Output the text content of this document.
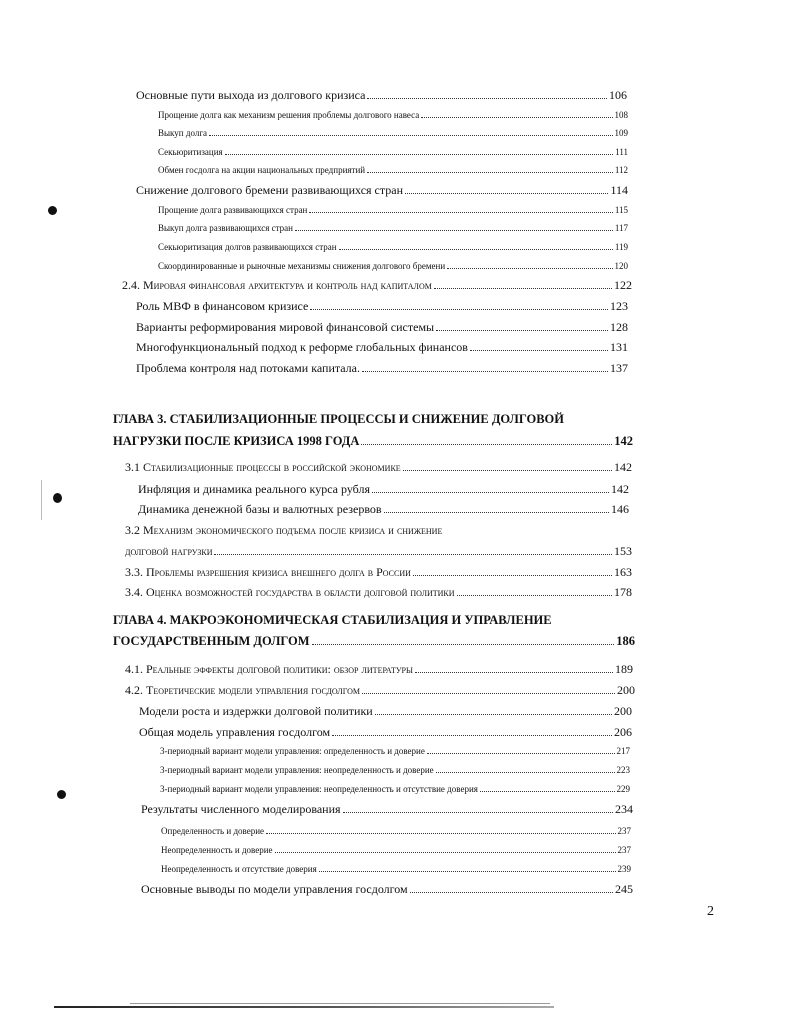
Основные пути выхода из долгового кризиса	106
Прощение долга как механизм решения проблемы долгового навеса	108
Выкуп долга	109
Секьюритизация	111
Обмен госдолга на акции национальных предприятий	112
Снижение долгового бремени развивающихся стран	114
Прощение долга развивающихся стран	115
Выкуп долга развивающихся стран	117
Секьюритизация долгов развивающихся стран	119
Скоординированные и рыночные механизмы снижения долгового бремени	120
2.4. Мировая финансовая архитектура и контроль над капиталом	122
Роль МВФ в финансовом кризисе	123
Варианты реформирования мировой финансовой системы	128
Многофункциональный подход к реформе глобальных финансов	131
Проблема контроля над потоками капитала.	137
ГЛАВА 3. СТАБИЛИЗАЦИОННЫЕ ПРОЦЕССЫ И СНИЖЕНИЕ ДОЛГОВОЙ
НАГРУЗКИ ПОСЛЕ КРИЗИСА 1998 ГОДА	142
3.1 Стабилизационные процессы в российской экономике	142
Инфляция и динамика реального курса рубля	142
Динамика денежной базы и валютных резервов	146
3.2 Механизм экономического подъема после кризиса и снижение
долговой нагрузки	153
3.3. Проблемы разрешения кризиса внешнего долга в России	163
3.4. Оценка возможностей государства в области долговой политики	178
ГЛАВА 4. МАКРОЭКОНОМИЧЕСКАЯ СТАБИЛИЗАЦИЯ И УПРАВЛЕНИЕ
ГОСУДАРСТВЕННЫМ ДОЛГОМ	186
4.1. Реальные эффекты долговой политики: обзор литературы	189
4.2. Теоретические модели управления госдолгом	200
Модели роста и издержки долговой политики	200
Общая модель управления госдолгом	206
3-периодный вариант модели управления: определенность и доверие	217
3-периодный вариант модели управления: неопределенность и доверие	223
3-периодный вариант модели управления: неопределенность и отсутствие доверия	229
Результаты численного моделирования	234
Определенность и доверие	237
Неопределенность и доверие	237
Неопределенность и отсутствие доверия	239
Основные выводы по модели управления госдолгом	245
2
